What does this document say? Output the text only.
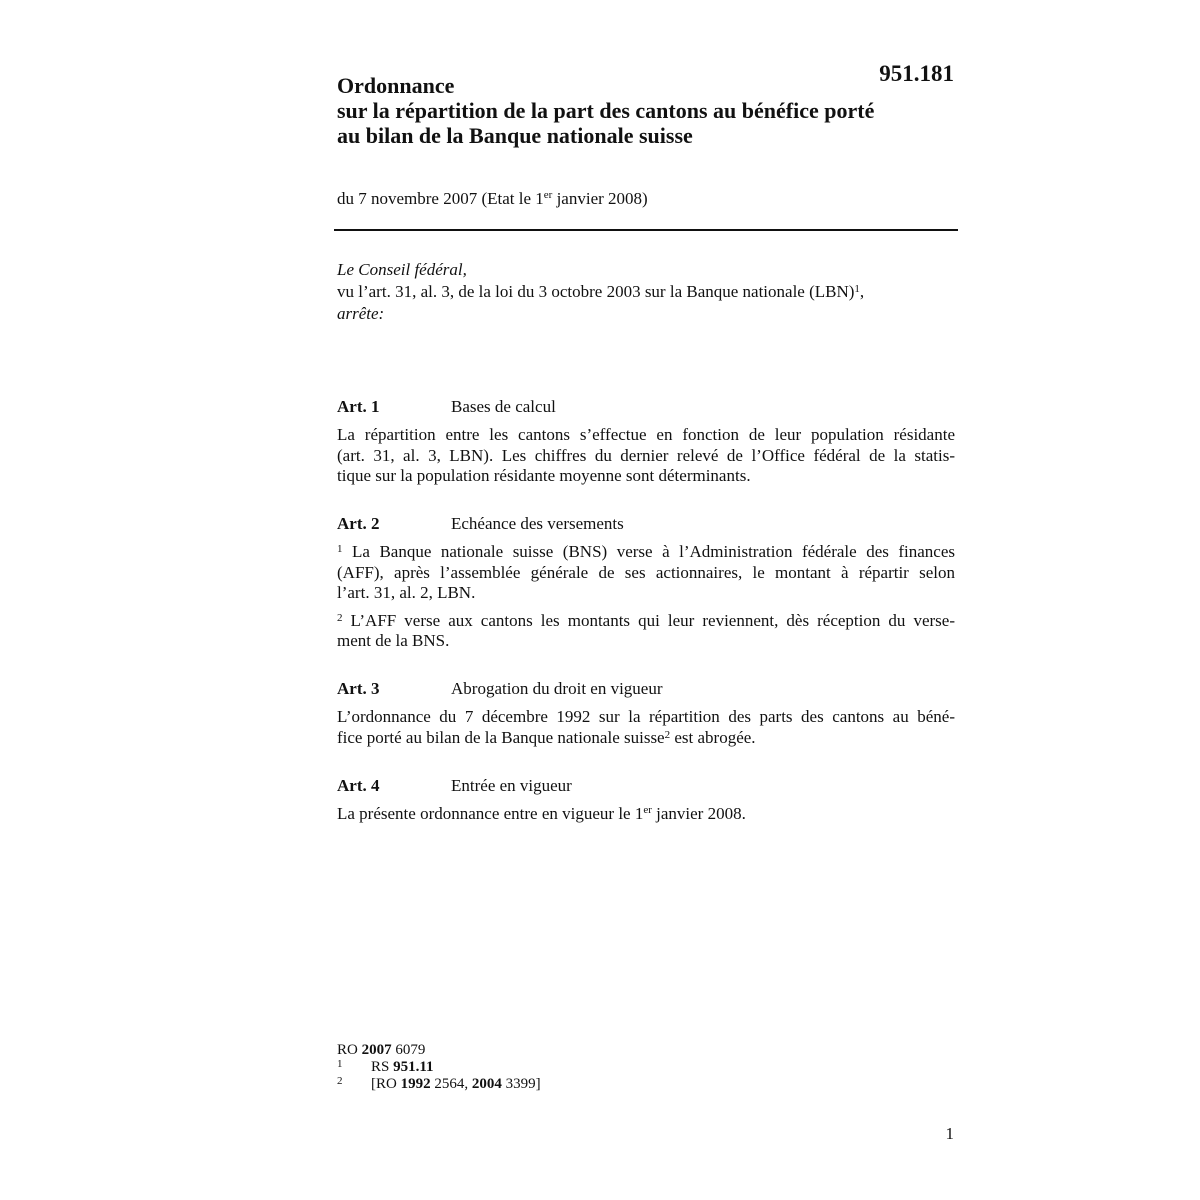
951.181
Ordonnance
sur la répartition de la part des cantons au bénéfice porté
au bilan de la Banque nationale suisse
du 7 novembre 2007 (Etat le 1er janvier 2008)
Le Conseil fédéral,
vu l’art. 31, al. 3, de la loi du 3 octobre 2003 sur la Banque nationale (LBN)$^1$,
arrête:
Art. 1	Bases de calcul
La répartition entre les cantons s’effectue en fonction de leur population résidante
(art. 31, al. 3, LBN). Les chiffres du dernier relevé de l’Office fédéral de la statis-
tique sur la population résidante moyenne sont déterminants.
Art. 2	Echéance des versements
$^1$ La Banque nationale suisse (BNS) verse à l’Administration fédérale des finances
(AFF), après l’assemblée générale de ses actionnaires, le montant à répartir selon
l’art. 31, al. 2, LBN.
$^2$ L’AFF verse aux cantons les montants qui leur reviennent, dès réception du verse-
ment de la BNS.
Art. 3	Abrogation du droit en vigueur
L’ordonnance du 7 décembre 1992 sur la répartition des parts des cantons au béné-
fice porté au bilan de la Banque nationale suisse$^2$ est abrogée.
Art. 4	Entrée en vigueur
La présente ordonnance entre en vigueur le 1er janvier 2008.
RO 2007 6079
1 RS 951.11
2 [RO 1992 2564, 2004 3399]
1
